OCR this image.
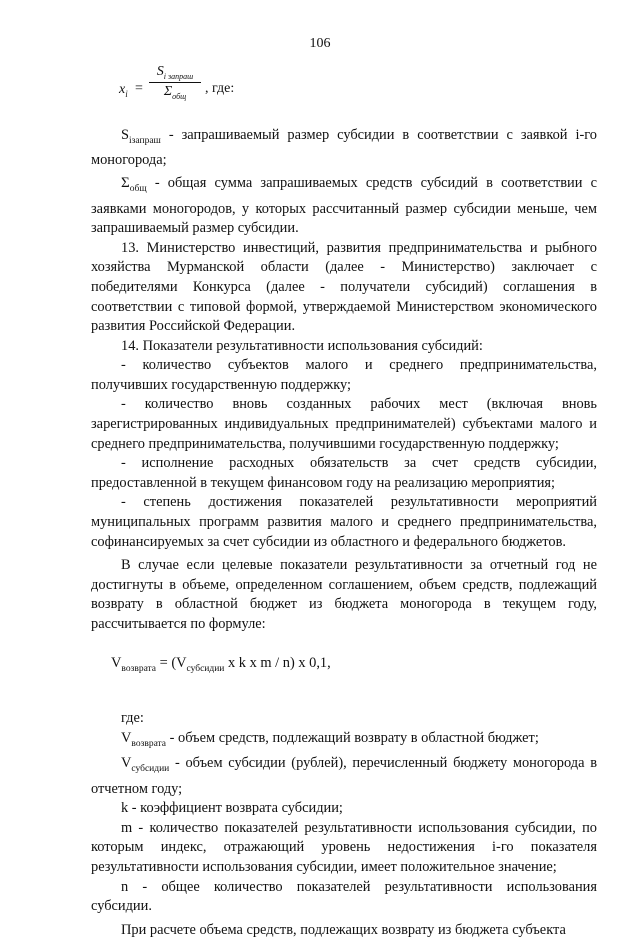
106
$x_i$ =
$S_{i запраш}$
$\Sigma_{общ}$
, где:

$S_{iзапраш}$ - запрашиваемый размер субсидии в соответствии с заявкой i-го моногорода;

$\Sigma_{общ}$ - общая сумма запрашиваемых средств субсидий в соответствии с заявками моногородов, у которых рассчитанный размер субсидии меньше, чем запрашиваемый размер субсидии.

13. Министерство инвестиций, развития предпринимательства и рыбного хозяйства Мурманской области (далее - Министерство) заключает с победителями Конкурса (далее - получатели субсидий) соглашения в соответствии с типовой формой, утверждаемой Министерством экономического развития Российской Федерации.

14. Показатели результативности использования субсидий:

- количество субъектов малого и среднего предпринимательства, получивших государственную поддержку;

- количество вновь созданных рабочих мест (включая вновь зарегистрированных индивидуальных предпринимателей) субъектами малого и среднего предпринимательства, получившими государственную поддержку;

- исполнение расходных обязательств за счет средств субсидии, предоставленной в текущем финансовом году на реализацию мероприятия;

- степень достижения показателей результативности мероприятий муниципальных программ развития малого и среднего предпринимательства, софинансируемых за счет субсидии из областного и федерального бюджетов.

В случае если целевые показатели результативности за отчетный год не достигнуты в объеме, определенном соглашением, объем средств, подлежащий возврату в областной бюджет из бюджета моногорода в текущем году, рассчитывается по формуле:

$V_{возврата} = (V_{субсидии}$ x k x m / n) x 0,1,

где:

$V_{возврата}$ - объем средств, подлежащий возврату в областной бюджет;

$V_{субсидии}$ - объем субсидии (рублей), перечисленный бюджету моногорода в отчетном году;

k - коэффициент возврата субсидии;

m - количество показателей результативности использования субсидии, по которым индекс, отражающий уровень недостижения i-го показателя результативности использования субсидии, имеет положительное значение;

n - общее количество показателей результативности использования субсидии.

При расчете объема средств, подлежащих возврату из бюджета субъекта
